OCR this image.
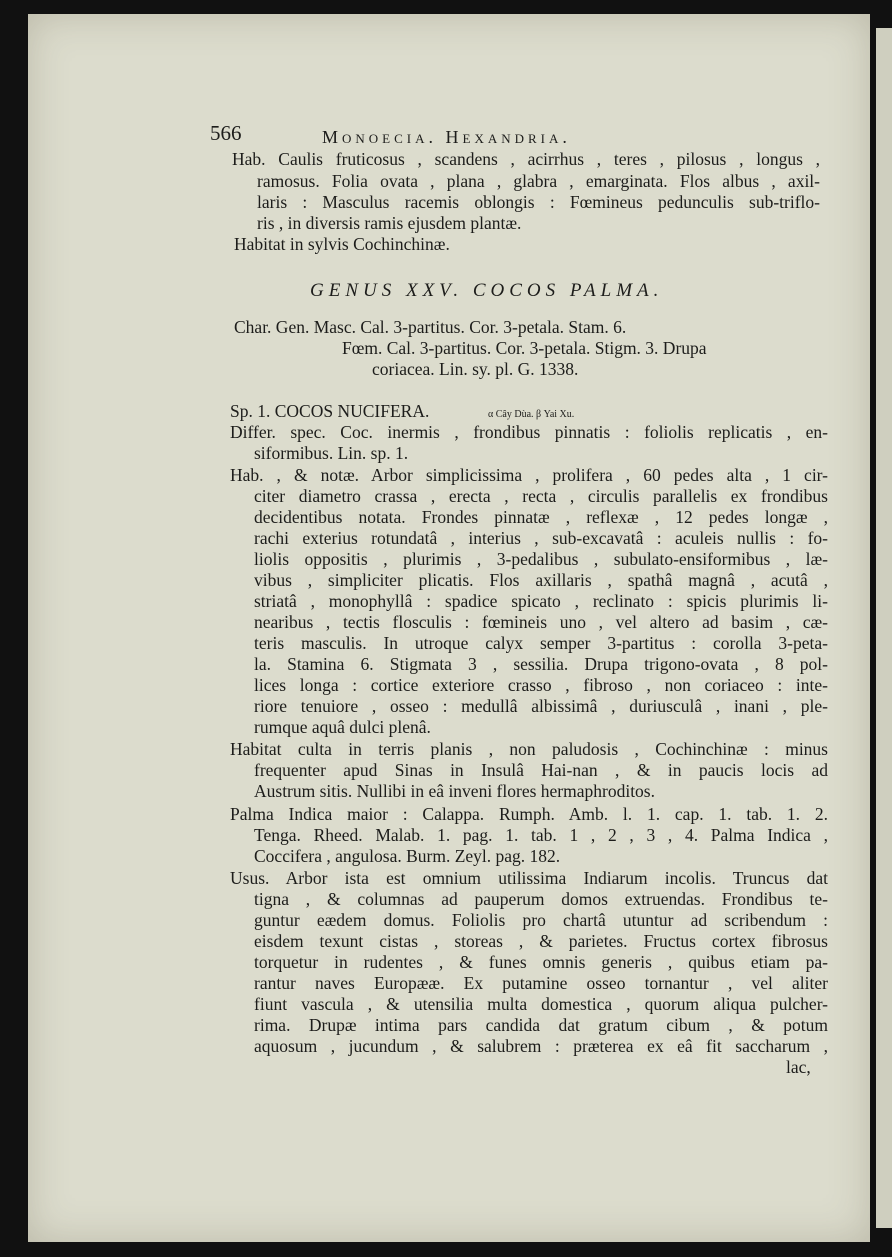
566	Monoecia. Hexandria.
Hab. Caulis fruticosus , scandens , acirrhus , teres , pilosus , longus ,
ramosus. Folia ovata , plana , glabra , emarginata. Flos albus , axil-
laris : Masculus racemis oblongis : Fœmineus pedunculis sub-triflo-
ris , in diversis ramis ejusdem plantæ.
Habitat in sylvis Cochinchinæ.
GENUS XXV. COCOS PALMA.
Char. Gen. Masc. Cal. 3-partitus. Cor. 3-petala. Stam. 6.
Fœm. Cal. 3-partitus. Cor. 3-petala. Stigm. 3. Drupa
coriacea. Lin. sy. pl. G. 1338.
Sp. 1. COCOS NUCIFERA.	α Cây Dùa. β Yai Xu.
Differ. spec. Coc. inermis , frondibus pinnatis : foliolis replicatis , en-
siformibus. Lin. sp. 1.
Hab. , & notæ. Arbor simplicissima , prolifera , 60 pedes alta , 1 cir-
citer diametro crassa , erecta , recta , circulis parallelis ex frondibus
decidentibus notata. Frondes pinnatæ , reflexæ , 12 pedes longæ ,
rachi exterius rotundatâ , interius , sub-excavatâ : aculeis nullis : fo-
liolis oppositis , plurimis , 3-pedalibus , subulato-ensiformibus , læ-
vibus , simpliciter plicatis. Flos axillaris , spathâ magnâ , acutâ ,
striatâ , monophyllâ : spadice spicato , reclinato : spicis plurimis li-
nearibus , tectis flosculis : fœmineis uno , vel altero ad basim , cæ-
teris masculis. In utroque calyx semper 3-partitus : corolla 3-peta-
la. Stamina 6. Stigmata 3 , sessilia. Drupa trigono-ovata , 8 pol-
lices longa : cortice exteriore crasso , fibroso , non coriaceo : inte-
riore tenuiore , osseo : medullâ albissimâ , duriusculâ , inani , ple-
rumque aquâ dulci plenâ.
Habitat culta in terris planis , non paludosis , Cochinchinæ : minus
frequenter apud Sinas in Insulâ Hai-nan , & in paucis locis ad
Austrum sitis. Nullibi in eâ inveni flores hermaphroditos.
Palma Indica maior : Calappa. Rumph. Amb. l. 1. cap. 1. tab. 1. 2.
Tenga. Rheed. Malab. 1. pag. 1. tab. 1 , 2 , 3 , 4. Palma Indica ,
Coccifera , angulosa. Burm. Zeyl. pag. 182.
Usus. Arbor ista est omnium utilissima Indiarum incolis. Truncus dat
tigna , & columnas ad pauperum domos extruendas. Frondibus te-
guntur eædem domus. Foliolis pro chartâ utuntur ad scribendum :
eisdem texunt cistas , storeas , & parietes. Fructus cortex fibrosus
torquetur in rudentes , & funes omnis generis , quibus etiam pa-
rantur naves Europææ. Ex putamine osseo tornantur , vel aliter
fiunt vascula , & utensilia multa domestica , quorum aliqua pulcher-
rima. Drupæ intima pars candida dat gratum cibum , & potum
aquosum , jucundum , & salubrem : præterea ex eâ fit saccharum ,
lac,
